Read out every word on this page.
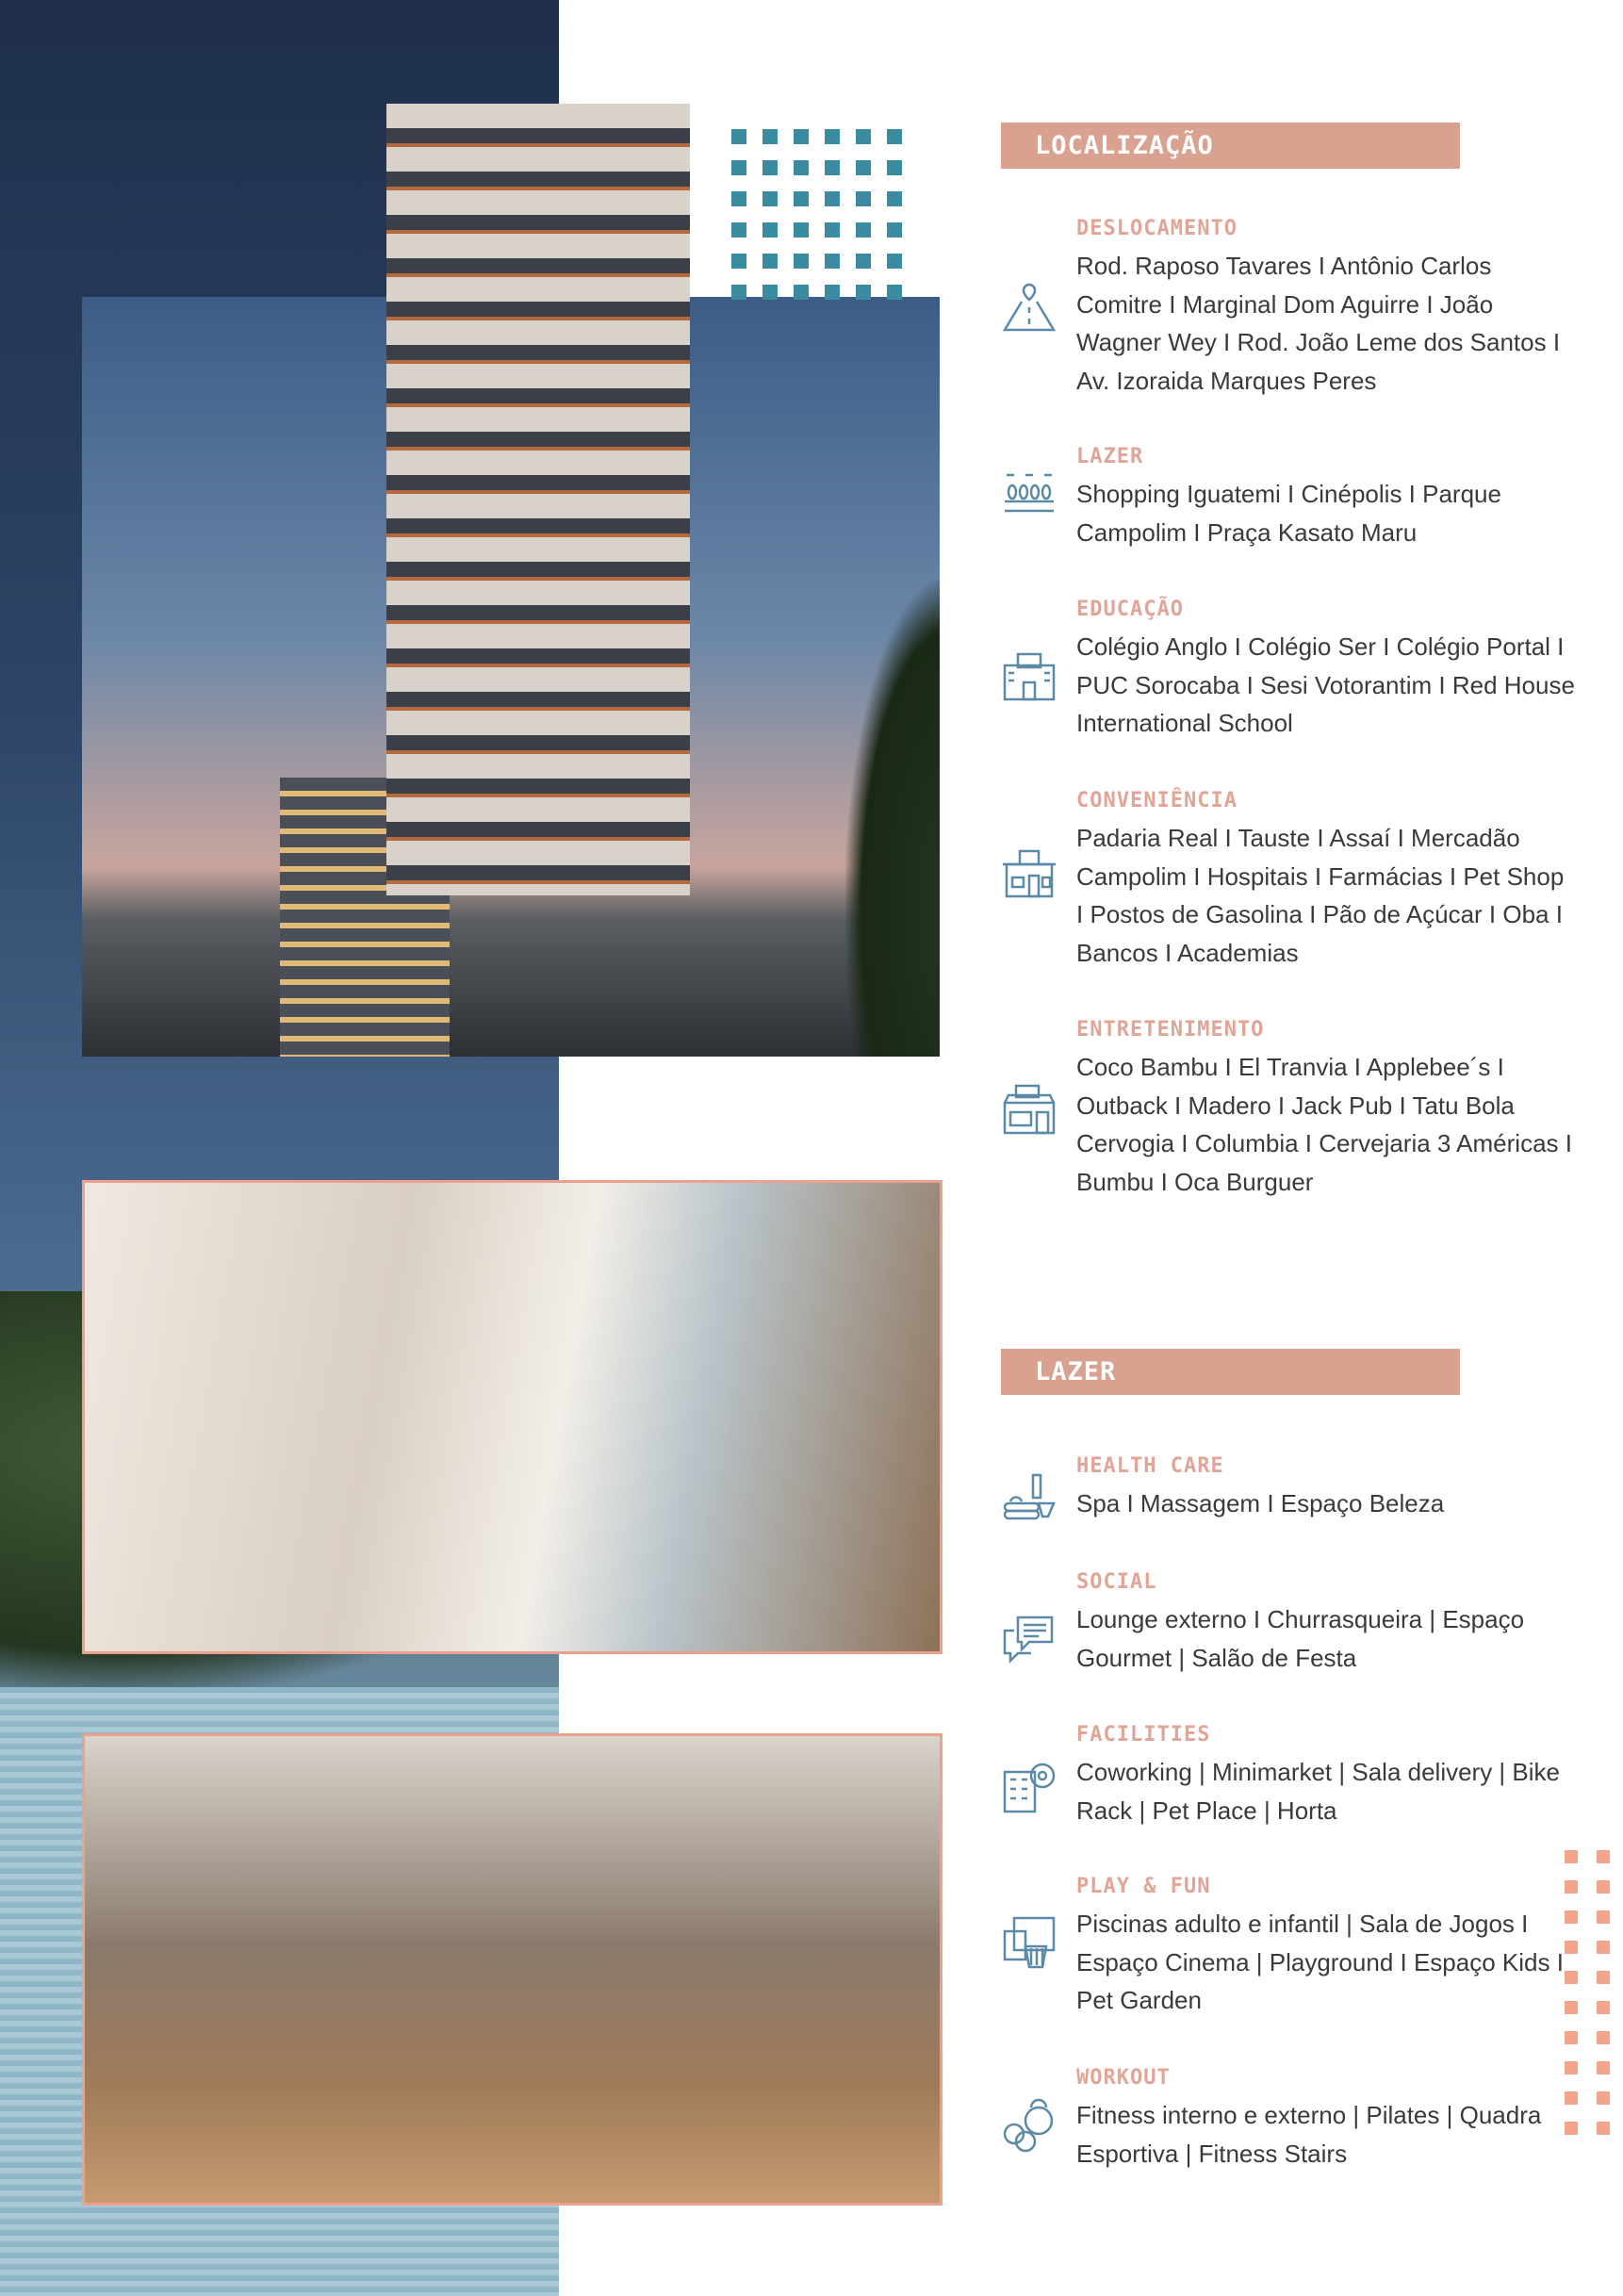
LOCALIZAÇÃO
DESLOCAMENTO

Rod. Raposo Tavares I Antônio Carlos Comitre I Marginal Dom Aguirre I João Wagner Wey I Rod. João Leme dos Santos I Av. Izoraida Marques Peres

LAZER

Shopping Iguatemi I Cinépolis I Parque Campolim I Praça Kasato Maru

EDUCAÇÃO

Colégio Anglo I Colégio Ser I Colégio Portal I PUC Sorocaba I Sesi Votorantim I Red House International School

CONVENIÊNCIA

Padaria Real I Tauste I Assaí I Mercadão Campolim I Hospitais I Farmácias I Pet Shop I Postos de Gasolina I Pão de Açúcar I Oba I Bancos I Academias

ENTRETENIMENTO

Coco Bambu I El Tranvia I Applebee´s I Outback I Madero I Jack Pub I Tatu Bola Cervogia I Columbia I Cervejaria 3 Américas I Bumbu I Oca Burguer

LAZER
HEALTH CARE

Spa I Massagem I Espaço Beleza

SOCIAL

Lounge externo I Churrasqueira | Espaço Gourmet | Salão de Festa

FACILITIES

Coworking | Minimarket | Sala delivery | Bike Rack | Pet Place | Horta

PLAY & FUN

Piscinas adulto e infantil | Sala de Jogos I Espaço Cinema | Playground I Espaço Kids I Pet Garden

WORKOUT

Fitness interno e externo | Pilates | Quadra Esportiva | Fitness Stairs
